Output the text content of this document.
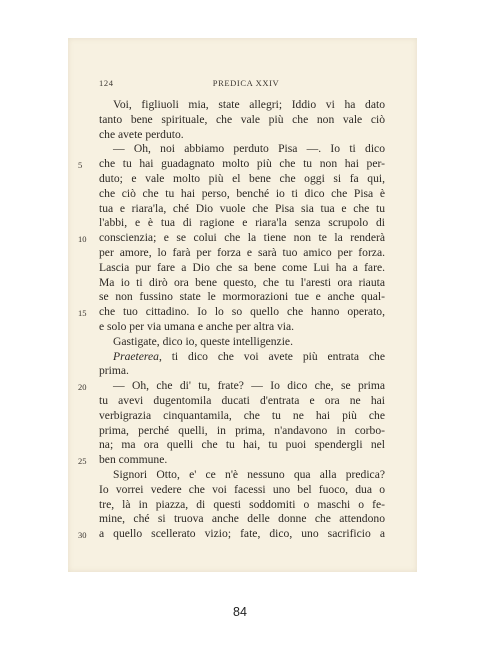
124	PREDICA XXIV
Voi, figliuoli mia, state allegri; Iddio vi ha dato
tanto bene spirituale, che vale più che non vale ciò
che avete perduto.
— Oh, noi abbiamo perduto Pisa —. Io ti dico
5	che tu hai guadagnato molto più che tu non hai per-
duto; e vale molto più el bene che oggi si fa qui,
che ciò che tu hai perso, benché io ti dico che Pisa è
tua e riara'la, ché Dio vuole che Pisa sia tua e che tu
l'abbi, e è tua di ragione e riara'la senza scrupolo di
10	conscienzia; e se colui che la tiene non te la renderà
per amore, lo farà per forza e sarà tuo amico per forza.
Lascia pur fare a Dio che sa bene come Lui ha a fare.
Ma io ti dirò ora bene questo, che tu l'aresti ora riauta
se non fussino state le mormorazioni tue e anche qual-
15	che tuo cittadino. Io lo so quello che hanno operato,
e solo per via umana e anche per altra via.
Gastigate, dico io, queste intelligenzie.
Praeterea, ti dico che voi avete più entrata che
prima.
20	— Oh, che di' tu, frate? — Io dico che, se prima
tu avevi dugentomila ducati d'entrata e ora ne hai
verbigrazia cinquantamila, che tu ne hai più che
prima, perché quelli, in prima, n'andavono in corbo-
na; ma ora quelli che tu hai, tu puoi spendergli nel
25	ben commune.
Signori Otto, e' ce n'è nessuno qua alla predica?
Io vorrei vedere che voi facessi uno bel fuoco, dua o
tre, là in piazza, di questi soddomiti o maschi o fe-
mine, ché si truova anche delle donne che attendono
30	a quello scellerato vizio; fate, dico, uno sacrificio a
84
